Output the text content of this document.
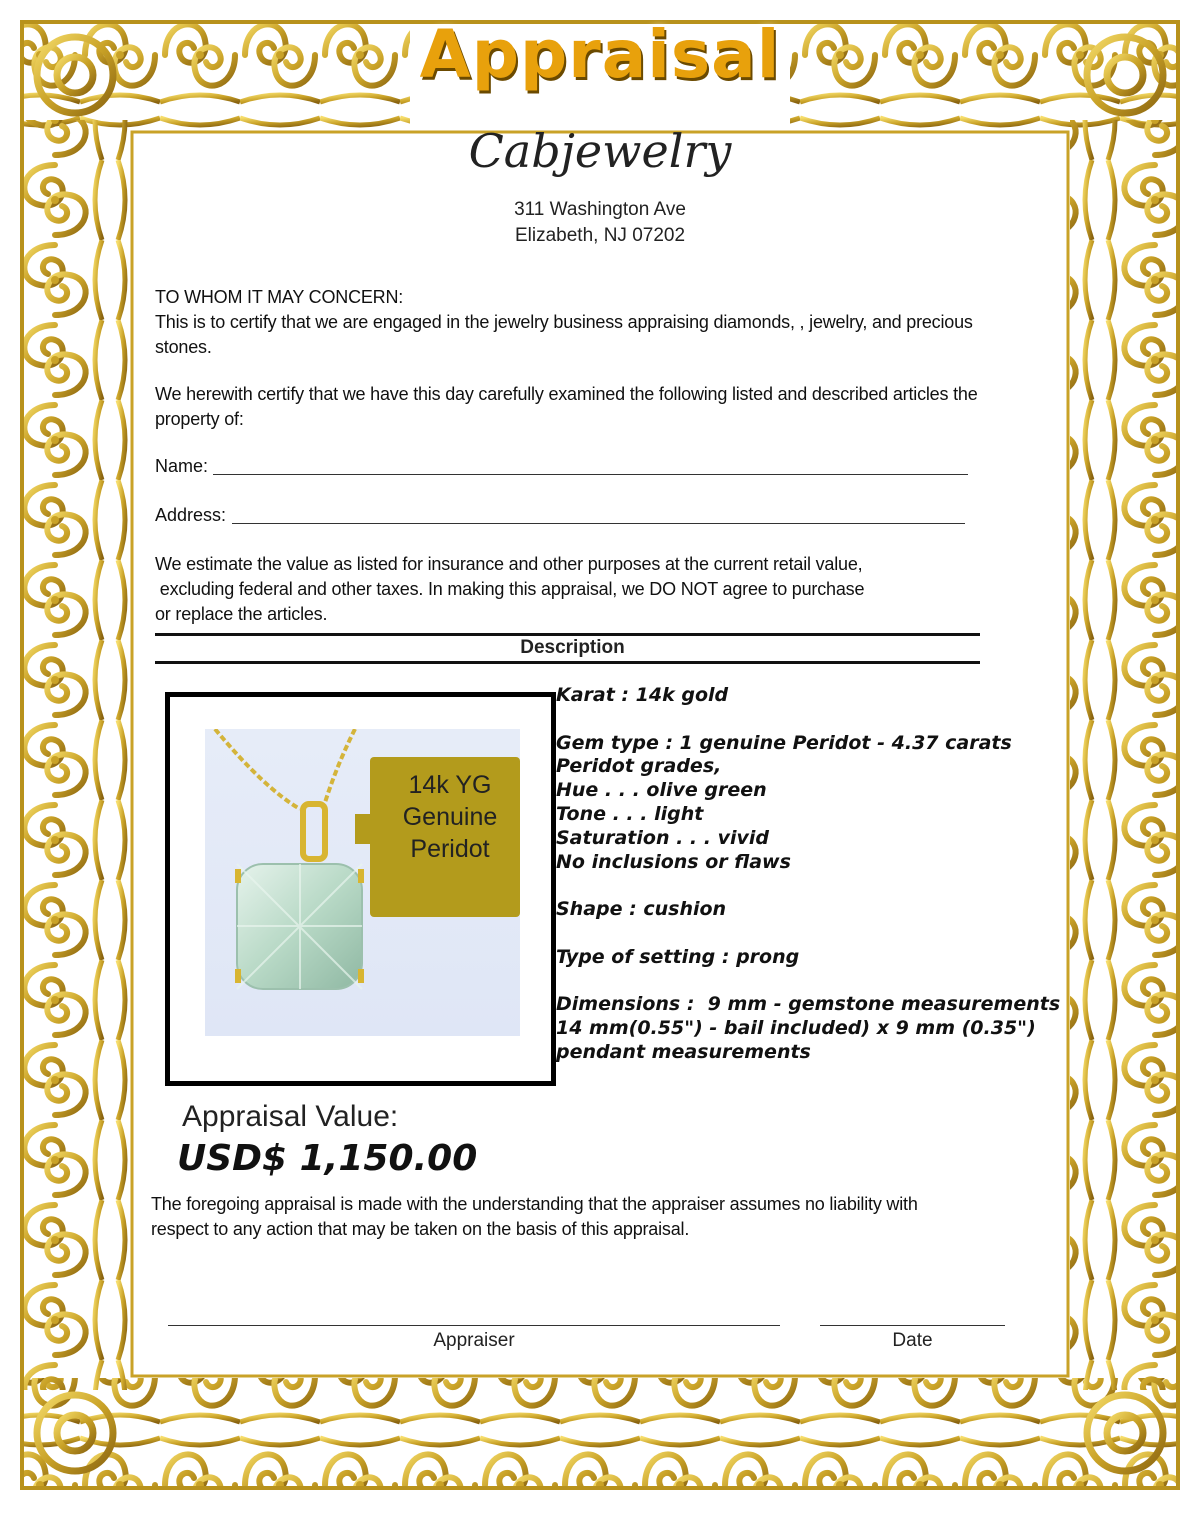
Appraisal
Cabjewelry
311 Washington Ave
Elizabeth, NJ 07202
TO WHOM IT MAY CONCERN:
This is to certify that we are engaged in the jewelry business appraising diamonds, , jewelry, and precious stones.
We herewith certify that we have this day carefully examined the following listed and described articles the property of:
Name:
Address:
We estimate the value as listed for insurance and other purposes at the current retail value,
excluding federal and other taxes. In making this appraisal, we DO NOT agree to purchase
or replace the articles.
Description
14k YG
Genuine
Peridot
Karat : 14k gold

Gem type : 1 genuine Peridot - 4.37 carats
Peridot grades,
Hue . . . olive green
Tone . . . light
Saturation . . . vivid
No inclusions or flaws

Shape : cushion

Type of setting : prong

Dimensions :  9 mm - gemstone measurements
14 mm(0.55") - bail included) x 9 mm (0.35")
pendant measurements
Appraisal Value:
USD$ 1,150.00
The foregoing appraisal is made with the understanding that the appraiser assumes no liability with
respect to any action that may be taken on the basis of this appraisal.
Appraiser	Date
